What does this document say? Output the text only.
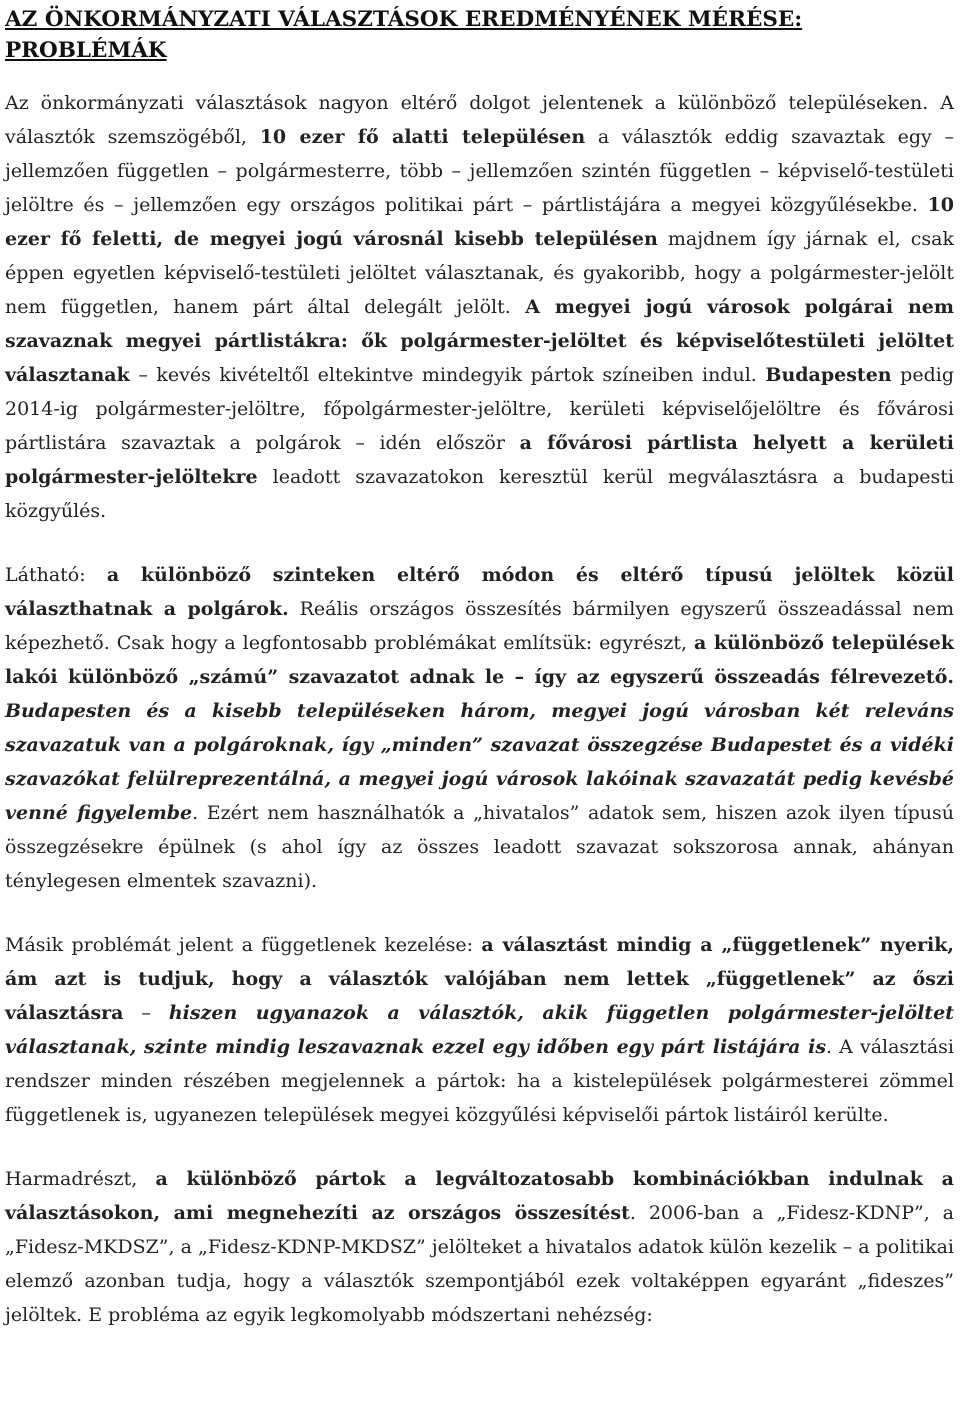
AZ ÖNKORMÁNYZATI VÁLASZTÁSOK EREDMÉNYÉNEK MÉRÉSE: PROBLÉMÁK

Az önkormányzati választások nagyon eltérő dolgot jelentenek a különböző településeken. A választók szemszögéből, 10 ezer fő alatti településen a választók eddig szavaztak egy – jellemzően független – polgármesterre, több – jellemzően szintén független – képviselő-testületi jelöltre és – jellemzően egy országos politikai párt – pártlistájára a megyei közgyűlésekbe. 10 ezer fő feletti, de megyei jogú városnál kisebb településen majdnem így járnak el, csak éppen egyetlen képviselő-testületi jelöltet választanak, és gyakoribb, hogy a polgármester-jelölt nem független, hanem párt által delegált jelölt. A megyei jogú városok polgárai nem szavaznak megyei pártlistákra: ők polgármester-jelöltet és képviselőtestületi jelöltet választanak – kevés kivételtől eltekintve mindegyik pártok színeiben indul. Budapesten pedig 2014-ig polgármester-jelöltre, főpolgármester-jelöltre, kerületi képviselőjelöltre és fővárosi pártlistára szavaztak a polgárok – idén először a fővárosi pártlista helyett a kerületi polgármester-jelöltekre leadott szavazatokon keresztül kerül megválasztásra a budapesti közgyűlés.

Látható: a különböző szinteken eltérő módon és eltérő típusú jelöltek közül választhatnak a polgárok. Reális országos összesítés bármilyen egyszerű összeadással nem képezhető. Csak hogy a legfontosabb problémákat említsük: egyrészt, a különböző települések lakói különböző „számú” szavazatot adnak le – így az egyszerű összeadás félrevezető. Budapesten és a kisebb településeken három, megyei jogú városban két releváns szavazatuk van a polgároknak, így „minden” szavazat összegzése Budapestet és a vidéki szavazókat felülreprezentálná, a megyei jogú városok lakóinak szavazatát pedig kevésbé venné figyelembe. Ezért nem használhatók a „hivatalos” adatok sem, hiszen azok ilyen típusú összegzésekre épülnek (s ahol így az összes leadott szavazat sokszorosa annak, ahányan ténylegesen elmentek szavazni).

Másik problémát jelent a függetlenek kezelése: a választást mindig a „függetlenek” nyerik, ám azt is tudjuk, hogy a választók valójában nem lettek „függetlenek” az őszi választásra – hiszen ugyanazok a választók, akik független polgármester-jelöltet választanak, szinte mindig leszavaznak ezzel egy időben egy párt listájára is. A választási rendszer minden részében megjelennek a pártok: ha a kistelepülések polgármesterei zömmel függetlenek is, ugyanezen települések megyei közgyűlési képviselői pártok listáiról kerülte.

Harmadrészt, a különböző pártok a legváltozatosabb kombinációkban indulnak a választásokon, ami megnehezíti az országos összesítést. 2006-ban a „Fidesz-KDNP”, a „Fidesz-MKDSZ”, a „Fidesz-KDNP-MKDSZ” jelölteket a hivatalos adatok külön kezelik – a politikai elemző azonban tudja, hogy a választók szempontjából ezek voltaképpen egyaránt „fideszes” jelöltek. E probléma az egyik legkomolyabb módszertani nehézség:
